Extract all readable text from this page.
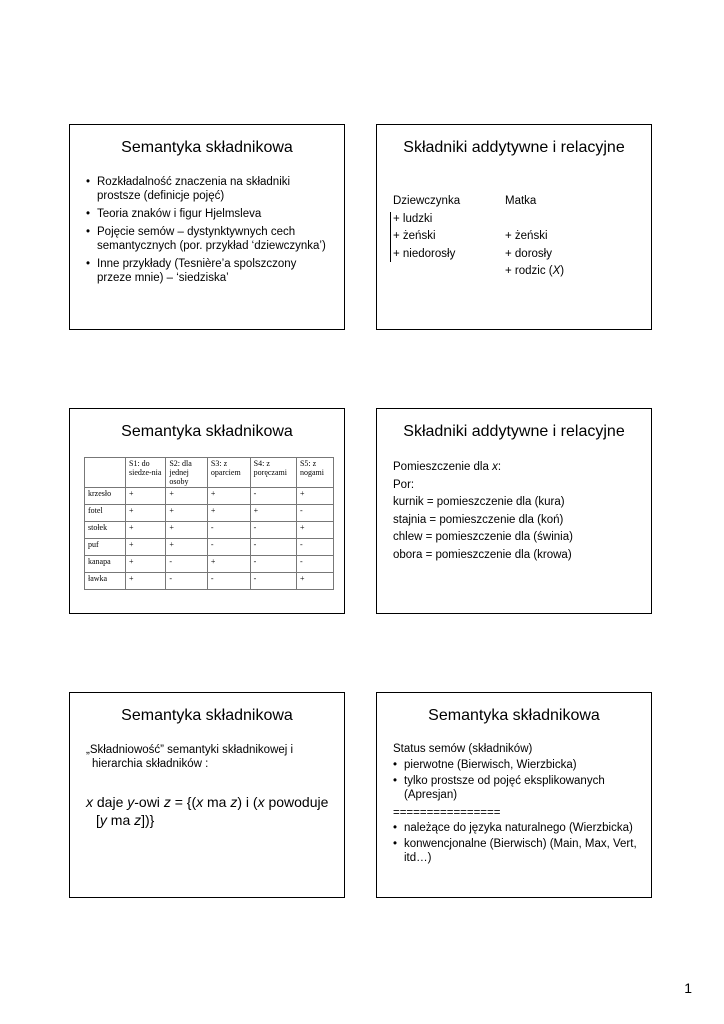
Semantyka składnikowa
• Rozkładalność znaczenia na składniki prostsze (definicje pojęć)
• Teoria znaków i figur Hjelmsleva
• Pojęcie semów – dystynktywnych cech semantycznych (por. przykład ‘dziewczynka’)
• Inne przykłady (Tesnière’a spolszczony przeze mnie) – ‘siedziska’
Składniki addytywne i relacyjne
Dziewczynka
+ ludzki
+ żeński
+ niedorosły
Matka
+ żeński
+ dorosły
+ rodzic (X)
Semantyka składnikowa
	S1: do siedze-nia	S2: dla jednej osoby	S3: z oparciem	S4: z poręczami	S5: z nogami
krzesło	+	+	+	-	+
fotel	+	+	+	+	-
stołek	+	+	-	-	+
puf	+	+	-	-	-
kanapa	+	-	+	-	-
ławka	+	-	-	-	+
Składniki addytywne i relacyjne
Pomieszczenie dla x:
Por:
kurnik = pomieszczenie dla (kura)
stajnia = pomieszczenie dla (koń)
chlew = pomieszczenie dla (świnia)
obora = pomieszczenie dla (krowa)
Semantyka składnikowa
„Składniowość” semantyki składnikowej i hierarchia składników :
x daje y-owi z = {(x ma z) i (x powoduje [y ma z])}
Semantyka składnikowa
Status semów (składników)
• pierwotne (Bierwisch, Wierzbicka)
• tylko prostsze od pojęć eksplikowanych (Apresjan)
================
• należące do języka naturalnego (Wierzbicka)
• konwencjonalne (Bierwisch) (Main, Max, Vert, itd…)
1
